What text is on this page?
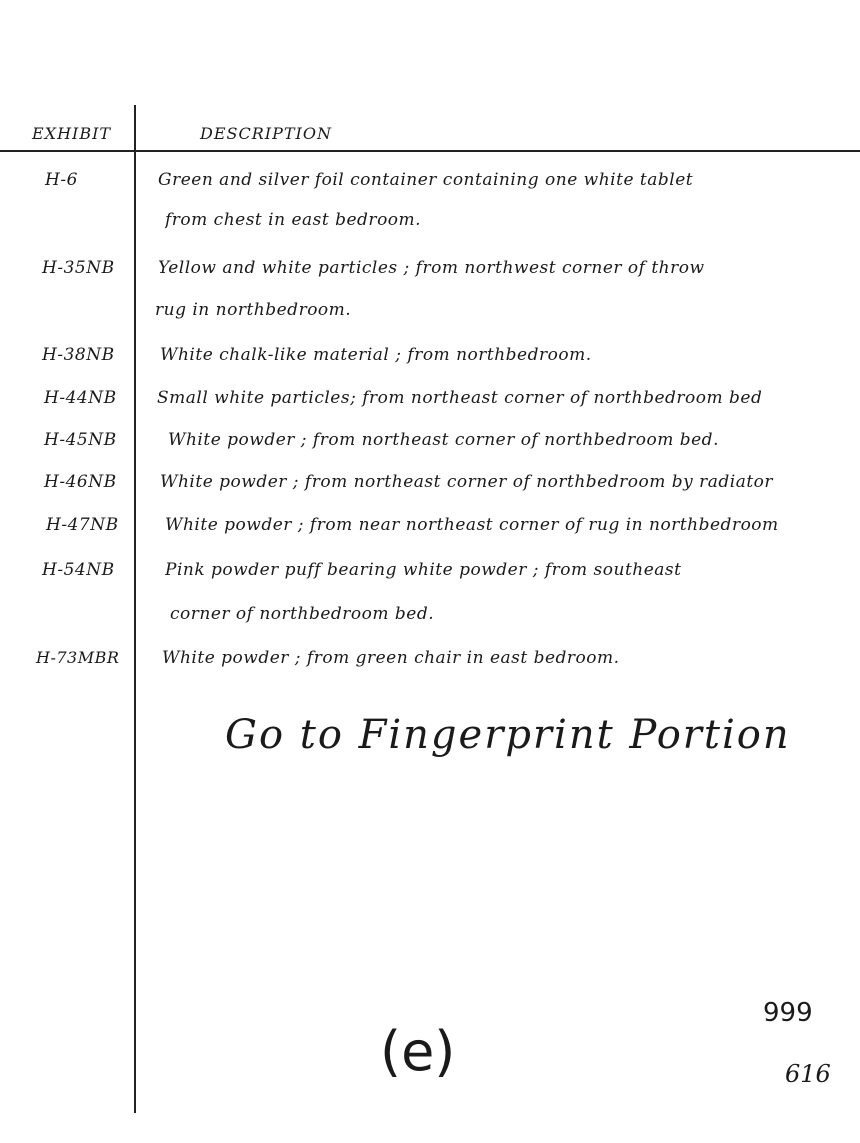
EXHIBIT	DESCRIPTION
H-6	Green and silver foil container containing one white tablet
from chest in east bedroom.
H-35NB	Yellow and white particles ; from northwest corner of throw
rug in northbedroom.
H-38NB	White chalk-like material ; from northbedroom.
H-44NB	Small white particles; from northeast corner of northbedroom bed
H-45NB	White powder ; from northeast corner of northbedroom bed.
H-46NB	White powder ; from northeast corner of northbedroom by radiator
H-47NB	White powder ; from near northeast corner of rug in northbedroom
H-54NB	Pink powder puff bearing white powder ; from southeast
corner of northbedroom bed.
H-73MBR	White powder ; from green chair in east bedroom.
Go to Fingerprint Portion
999
(e)	616
